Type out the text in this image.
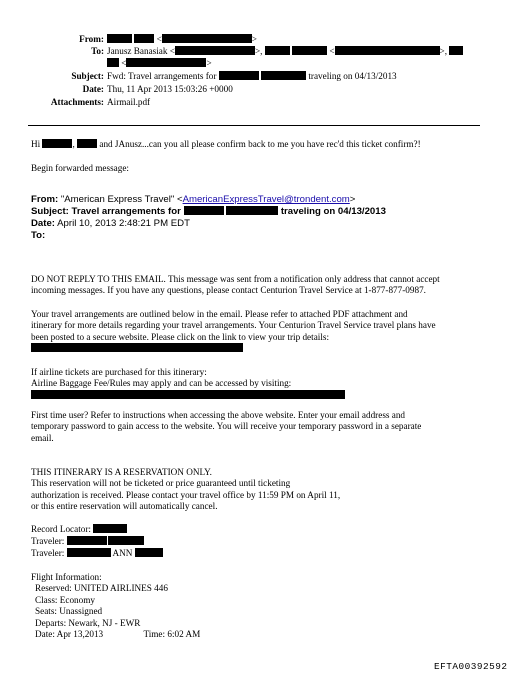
From:	<	>
To: Janusz Banasiak <	>,	<	>,
<	>
Subject: Fwd: Travel arrangements for	traveling on 04/13/2013
Date: Thu, 11 Apr 2013 15:03:26 +0000
Attachments: Airmail.pdf
Hi	,  and JAnusz...can you all please confirm back to me you have rec'd this ticket confirm?!
Begin forwarded message:
From: "American Express Travel" <AmericanExpressTravel@trondent.com>
Subject: Travel arrangements for	traveling on 04/13/2013
Date: April 10, 2013 2:48:21 PM EDT
To:
DO NOT REPLY TO THIS EMAIL. This message was sent from a notification only address that cannot accept
incoming messages. If you have any questions, please contact Centurion Travel Service at 1-877-877-0987.
Your travel arrangements are outlined below in the email. Please refer to attached PDF attachment and
itinerary for more details regarding your travel arrangements. Your Centurion Travel Service travel plans have
been posted to a secure website. Please click on the link to view your trip details:
If airline tickets are purchased for this itinerary:
Airline Baggage Fee/Rules may apply and can be accessed by visiting:
First time user? Refer to instructions when accessing the above website. Enter your email address and
temporary password to gain access to the website. You will receive your temporary password in a separate
email.
THIS ITINERARY IS A RESERVATION ONLY.
This reservation will not be ticketed or price guaranteed until ticketing
authorization is received. Please contact your travel office by 11:59 PM on April 11,
or this entire reservation will automatically cancel.
Record Locator:
Traveler:
Traveler:	ANN
Flight Information:
Reserved: UNITED AIRLINES 446
Class: Economy
Seats: Unassigned
Departs: Newark, NJ - EWR
Date: Apr 13,2013	Time: 6:02 AM
EFTA00392592
